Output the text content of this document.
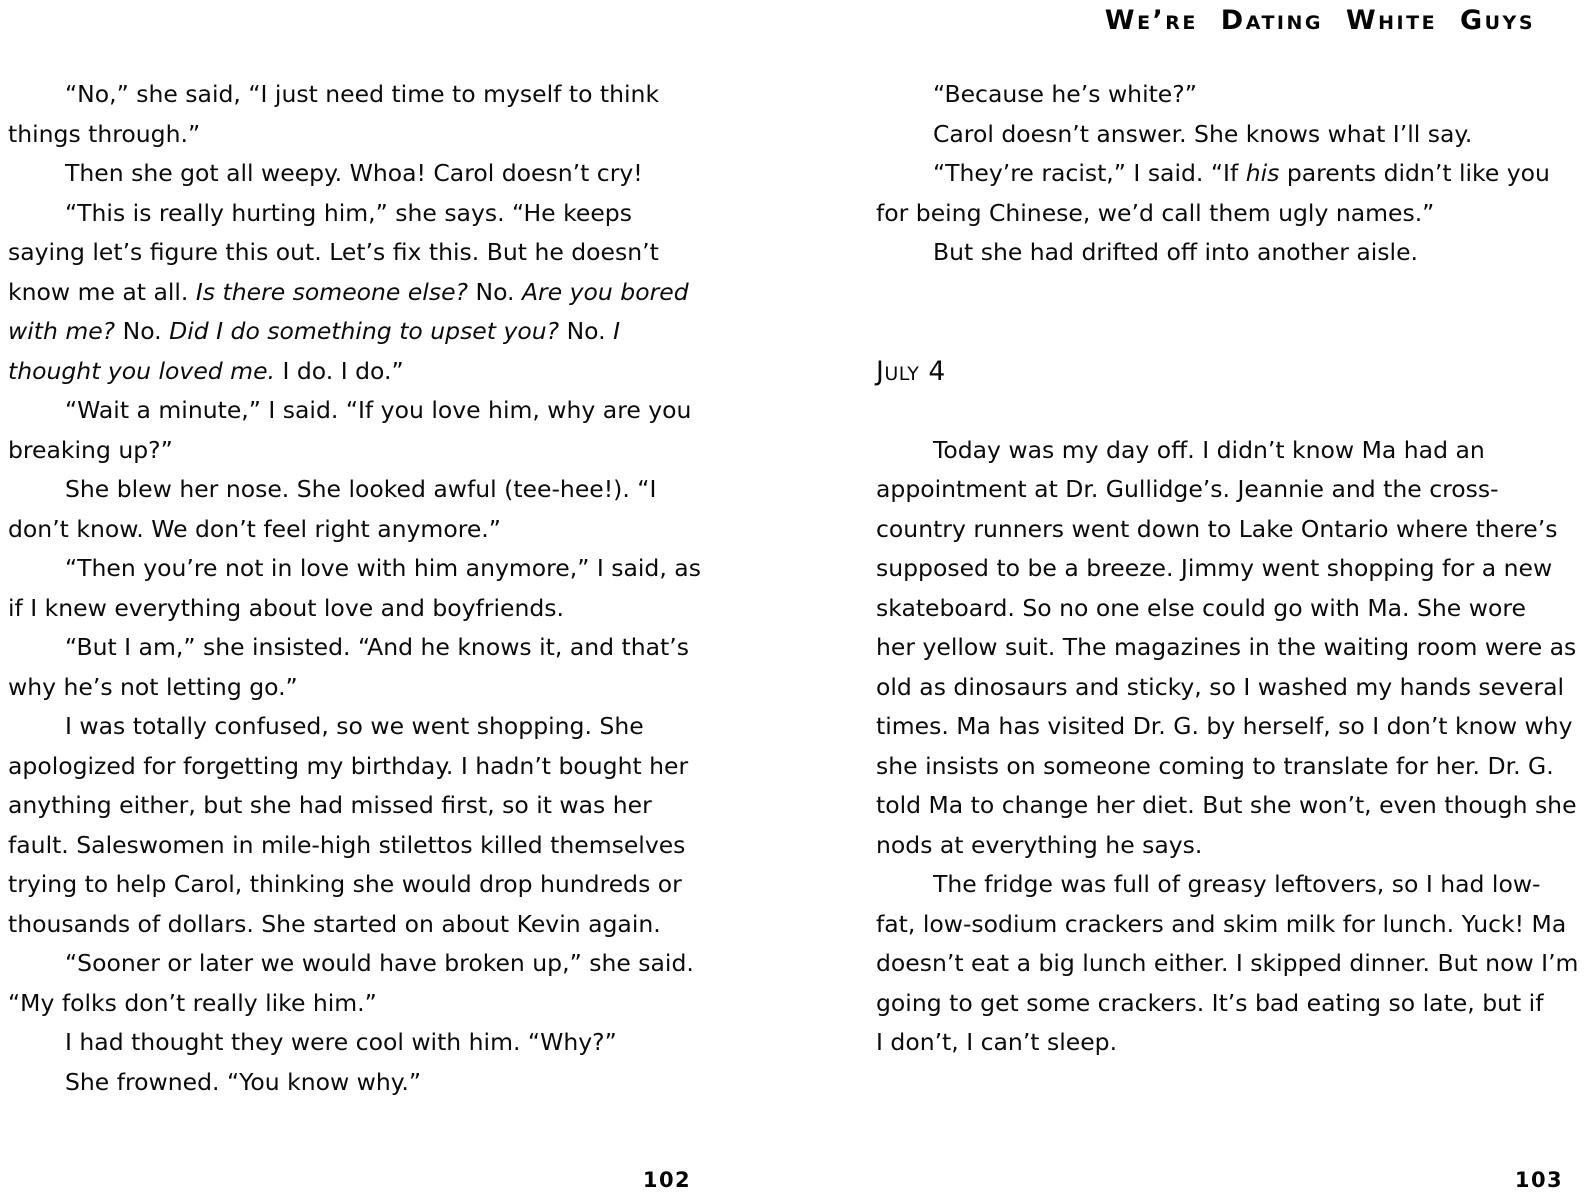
We’re Dating White Guys
“No,” she said, “I just need time to myself to think
things through.”
Then she got all weepy. Whoa! Carol doesn’t cry!
“This is really hurting him,” she says. “He keeps
saying let’s figure this out. Let’s fix this. But he doesn’t
know me at all. Is there someone else? No. Are you bored
with me? No. Did I do something to upset you? No. I
thought you loved me. I do. I do.”
“Wait a minute,” I said. “If you love him, why are you
breaking up?”
She blew her nose. She looked awful (tee-hee!). “I
don’t know. We don’t feel right anymore.”
“Then you’re not in love with him anymore,” I said, as
if I knew everything about love and boyfriends.
“But I am,” she insisted. “And he knows it, and that’s
why he’s not letting go.”
I was totally confused, so we went shopping. She
apologized for forgetting my birthday. I hadn’t bought her
anything either, but she had missed first, so it was her
fault. Saleswomen in mile-high stilettos killed themselves
trying to help Carol, thinking she would drop hundreds or
thousands of dollars. She started on about Kevin again.
“Sooner or later we would have broken up,” she said.
“My folks don’t really like him.”
I had thought they were cool with him. “Why?”
She frowned. “You know why.”
“Because he’s white?”
Carol doesn’t answer. She knows what I’ll say.
“They’re racist,” I said. “If his parents didn’t like you
for being Chinese, we’d call them ugly names.”
But she had drifted off into another aisle.
July 4
Today was my day off. I didn’t know Ma had an
appointment at Dr. Gullidge’s. Jeannie and the cross-
country runners went down to Lake Ontario where there’s
supposed to be a breeze. Jimmy went shopping for a new
skateboard. So no one else could go with Ma. She wore
her yellow suit. The magazines in the waiting room were as
old as dinosaurs and sticky, so I washed my hands several
times. Ma has visited Dr. G. by herself, so I don’t know why
she insists on someone coming to translate for her. Dr. G.
told Ma to change her diet. But she won’t, even though she
nods at everything he says.
The fridge was full of greasy leftovers, so I had low-
fat, low-sodium crackers and skim milk for lunch. Yuck! Ma
doesn’t eat a big lunch either. I skipped dinner. But now I’m
going to get some crackers. It’s bad eating so late, but if
I don’t, I can’t sleep.
102	103
